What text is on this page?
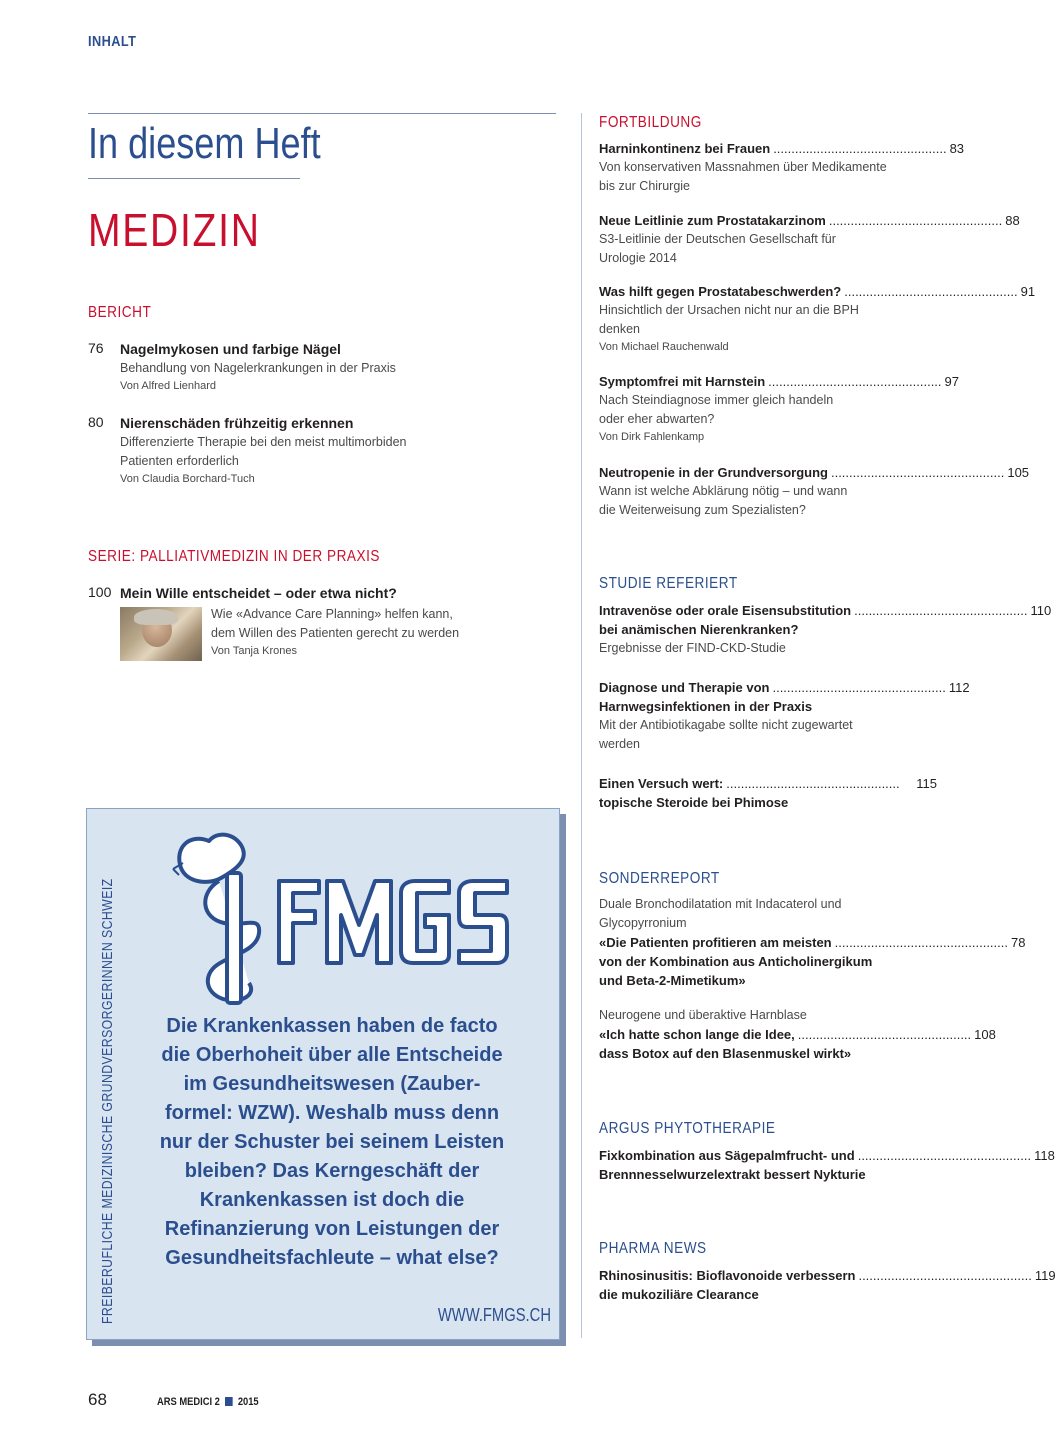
INHALT
In diesem Heft
MEDIZIN
BERICHT
76	Nagelmykosen und farbige Nägel
Behandlung von Nagelerkrankungen in der Praxis
Von Alfred Lienhard
80	Nierenschäden frühzeitig erkennen
Differenzierte Therapie bei den meist multimorbiden
Patienten erforderlich
Von Claudia Borchard-Tuch
SERIE: PALLIATIVMEDIZIN IN DER PRAXIS
100 Mein Wille entscheidet – oder etwa nicht?
Wie «Advance Care Planning» helfen kann,
dem Willen des Patienten gerecht zu werden
Von Tanja Krones
FREIBERUFLICHE MEDIZINISCHE GRUNDVERSORGERINNEN SCHWEIZ	Die Krankenkassen haben de facto
die Oberhoheit über alle Entscheide
im Gesundheitswesen (Zauber-
formel: WZW). Weshalb muss denn
nur der Schuster bei seinem Leisten
bleiben? Das Kerngeschäft der
Krankenkassen ist doch die
Refinanzierung von Leistungen der
Gesundheitsfachleute – what else?
WWW.FMGS.CH
FORTBILDUNG
Harninkontinenz bei Frauen ................................................ 83
Von konservativen Massnahmen über Medikamente
bis zur Chirurgie
Neue Leitlinie zum Prostatakarzinom ................................................ 88
S3-Leitlinie der Deutschen Gesellschaft für
Urologie 2014
Was hilft gegen Prostatabeschwerden? ................................................ 91
Hinsichtlich der Ursachen nicht nur an die BPH
denken
Von Michael Rauchenwald
Symptomfrei mit Harnstein ................................................ 97
Nach Steindiagnose immer gleich handeln
oder eher abwarten?
Von Dirk Fahlenkamp
Neutropenie in der Grundversorgung ................................................ 105
Wann ist welche Abklärung nötig – und wann
die Weiterweisung zum Spezialisten?
STUDIE REFERIERT
Intravenöse oder orale Eisensubstitution ................................................ 110
bei anämischen Nierenkranken?
Ergebnisse der FIND-CKD-Studie
Diagnose und Therapie von ................................................ 112
Harnwegsinfektionen in der Praxis
Mit der Antibiotikagabe sollte nicht zugewartet
werden
Einen Versuch wert: ................................................	115
topische Steroide bei Phimose
SONDERREPORT
Duale Bronchodilatation mit Indacaterol und
Glycopyrronium
«Die Patienten profitieren am meisten ................................................ 78
von der Kombination aus Anticholinergikum
und Beta-2-Mimetikum»
Neurogene und überaktive Harnblase
«Ich hatte schon lange die Idee, ................................................ 108
dass Botox auf den Blasenmuskel wirkt»
ARGUS PHYTOTHERAPIE
Fixkombination aus Sägepalmfrucht- und ................................................ 118
Brennnesselwurzelextrakt bessert Nykturie
PHARMA NEWS
Rhinosinusitis: Bioflavonoide verbessern ................................................ 119
die mukoziliäre Clearance
68	ARS MEDICI 2 2015
